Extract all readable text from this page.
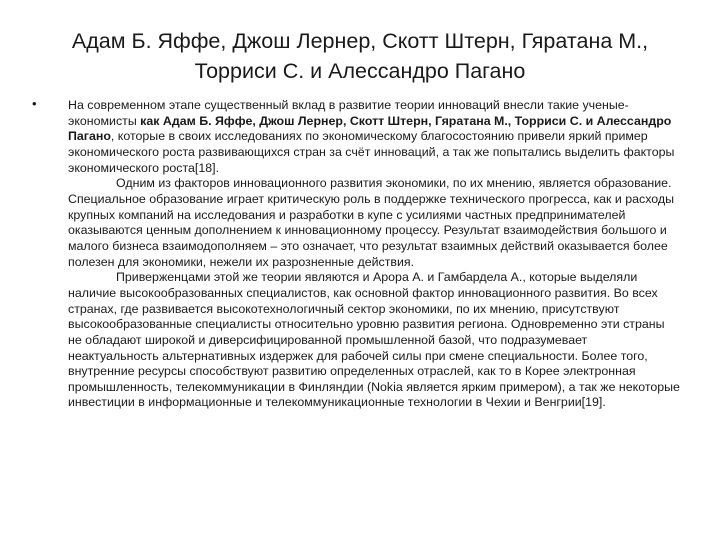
Адам Б. Яффе, Джош Лернер, Скотт Штерн, Гяратана М.,
Торриси С. и Алессандро Пагано
•	На современном этапе существенный вклад в развитие теории инноваций внесли такие ученые-экономисты как Адам Б. Яффе, Джош Лернер, Скотт Штерн, Гяратана М., Торриси С. и Алессандро Пагано, которые в своих исследованиях по экономическому благосостоянию привели яркий пример экономического роста развивающихся стран за счёт инноваций, а так же попытались выделить факторы экономического роста[18].

Одним из факторов инновационного развития экономики, по их мнению, является образование. Специальное образование играет критическую роль в поддержке технического прогресса, как и расходы крупных компаний на исследования и разработки в купе с усилиями частных предпринимателей оказываются ценным дополнением к инновационному процессу. Результат взаимодействия большого и малого бизнеса взаимодополняем – это означает, что результат взаимных действий оказывается более полезен для экономики, нежели их разрозненные действия.

Приверженцами этой же теории являются и Арора А. и Гамбардела А., которые выделяли наличие высокообразованных специалистов, как основной фактор инновационного развития. Во всех странах, где развивается высокотехнологичный сектор экономики, по их мнению, присутствуют высокообразованные специалисты относительно уровню развития региона. Одновременно эти страны не обладают широкой и диверсифицированной промышленной базой, что подразумевает неактуальность альтернативных издержек для рабочей силы при смене специальности. Более того, внутренние ресурсы способствуют развитию определенных отраслей, как то в Корее электронная промышленность, телекоммуникации в Финляндии (Nokia является ярким примером), а так же некоторые инвестиции в информационные и телекоммуникационные технологии в Чехии и Венгрии[19].
